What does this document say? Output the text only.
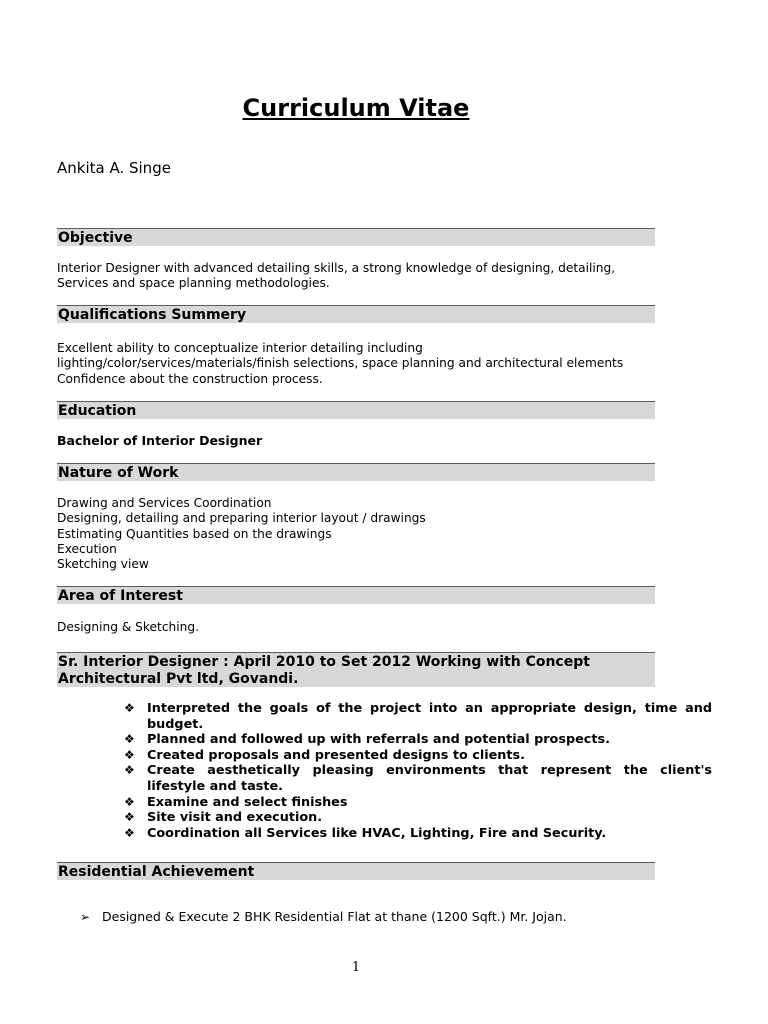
Curriculum Vitae

Ankita A. Singe

Objective

Interior Designer with advanced detailing skills, a strong knowledge of designing, detailing,
Services and space planning methodologies.

Qualifications Summery

Excellent ability to conceptualize interior detailing including
lighting/color/services/materials/finish selections, space planning and architectural elements
Confidence about the construction process.

Education

Bachelor of Interior Designer

Nature of Work

Drawing and Services Coordination
Designing, detailing and preparing interior layout / drawings
Estimating Quantities based on the drawings
Execution
Sketching view

Area of Interest

Designing & Sketching.

Sr. Interior Designer : April 2010 to Set 2012 Working with Concept
Architectural Pvt ltd, Govandi.
❖ Interpreted the goals of the project into an appropriate design, time and budget.
❖ Planned and followed up with referrals and potential prospects.
❖ Created proposals and presented designs to clients.
❖ Create aesthetically pleasing environments that represent the client's lifestyle and taste.
❖ Examine and select finishes
❖ Site visit and execution.
❖ Coordination all Services like HVAC, Lighting, Fire and Security.
Residential Achievement

➢ Designed & Execute 2 BHK Residential Flat at thane (1200 Sqft.) Mr. Jojan.

1
